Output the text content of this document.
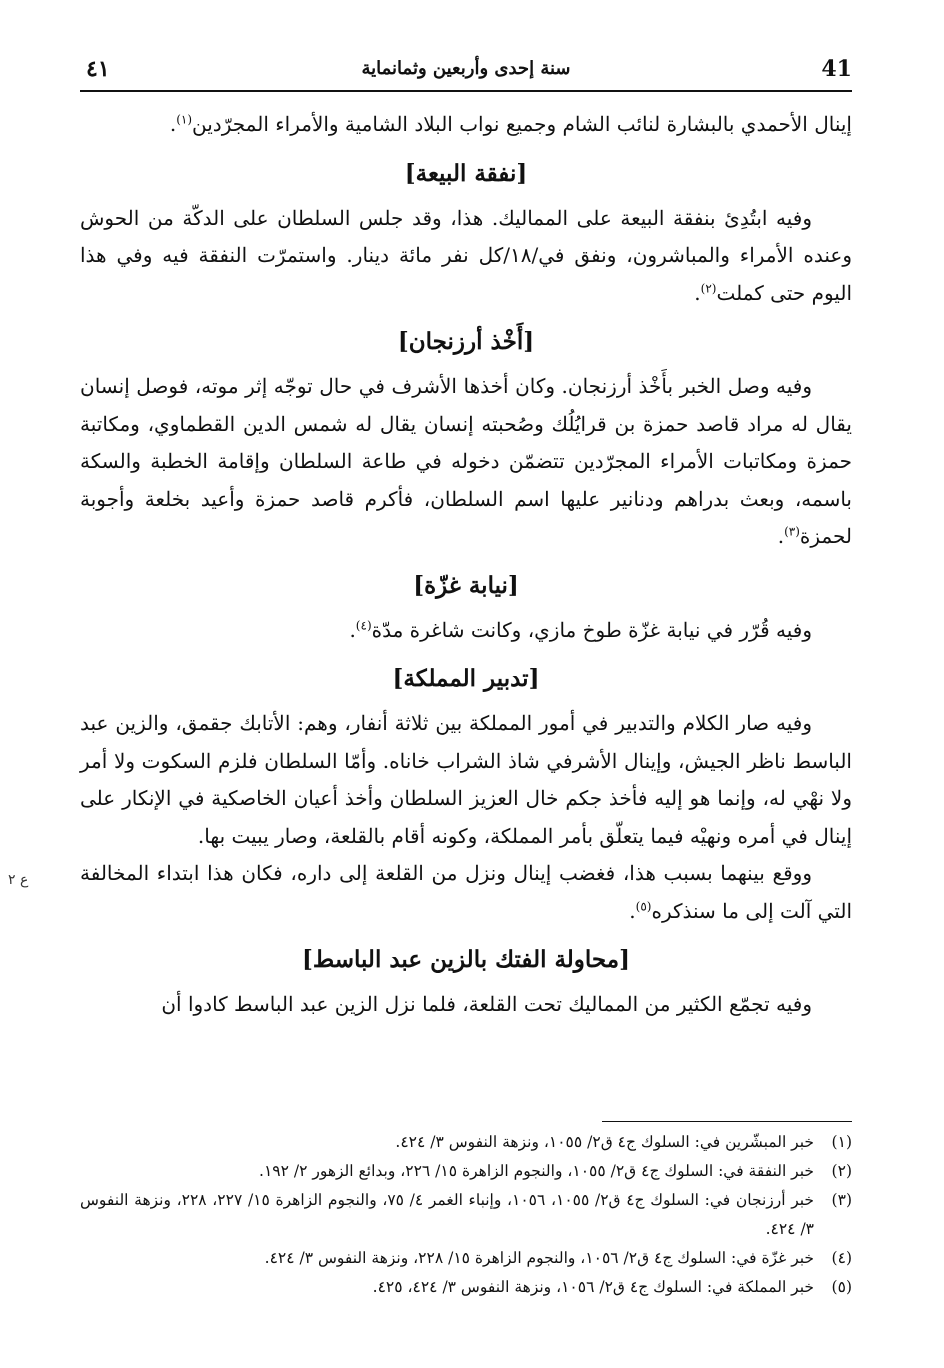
41
سنة إحدى وأربعين وثمانماية
٤١

إينال الأحمدي بالبشارة لنائب الشام وجميع نواب البلاد الشامية والأمراء المجرّدين$^{(١)}$.

[نفقة البيعة]

وفيه ابتُدِئ بنفقة البيعة على المماليك. هذا، وقد جلس السلطان على الدكّة من الحوش وعنده الأمراء والمباشرون، ونفق في/١٨/كل نفر مائة دينار. واستمرّت النفقة فيه وفي هذا اليوم حتى كملت$^{(٢)}$.

[أَخْذ أرزنجان]

وفيه وصل الخبر بأَخْذ أرزنجان. وكان أخذها الأشرف في حال توجّه إثر موته، فوصل إنسان يقال له مراد قاصد حمزة بن قرايُلُك وصُحبته إنسان يقال له شمس الدين القطماوي، ومكاتبة حمزة ومكاتبات الأمراء المجرّدين تتضمّن دخوله في طاعة السلطان وإقامة الخطبة والسكة باسمه، وبعث بدراهم ودنانير عليها اسم السلطان، فأكرم قاصد حمزة وأعيد بخلعة وأجوبة لحمزة$^{(٣)}$.

[نيابة غزّة]

وفيه قُرّر في نيابة غزّة طوخ مازي، وكانت شاغرة مدّة$^{(٤)}$.

[تدبير المملكة]

وفيه صار الكلام والتدبير في أمور المملكة بين ثلاثة أنفار، وهم: الأتابك جقمق، والزين عبد الباسط ناظر الجيش، وإينال الأشرفي شاذ الشراب خاناه. وأمّا السلطان فلزم السكوت ولا أمر ولا نهْي له، وإنما هو إليه فأخذ جكم خال العزيز السلطان وأخذ أعيان الخاصكية في الإنكار على إينال في أمره ونهيْه فيما يتعلّق بأمر المملكة، وكونه أقام بالقلعة، وصار يبيت بها.

ووقع بينهما بسبب هذا، فغضب إينال ونزل من القلعة إلى داره، فكان هذا ابتداء المخالفة التي آلت إلى ما سنذكره$^{(٥)}$.

[محاولة الفتك بالزين عبد الباسط]

وفيه تجمّع الكثير من المماليك تحت القلعة، فلما نزل الزين عبد الباسط كادوا أن

(١)
خبر المبشّرين في: السلوك ج٤ ق٢/ ١٠٥٥، ونزهة النفوس ٣/ ٤٢٤.
(٢)
خبر النفقة في: السلوك ج٤ ق٢/ ١٠٥٥، والنجوم الزاهرة ١٥/ ٢٢٦، وبدائع الزهور ٢/ ١٩٢.
(٣)
خبر أرزنجان في: السلوك ج٤ ق٢/ ١٠٥٥، ١٠٥٦، وإنباء الغمر ٤/ ٧٥، والنجوم الزاهرة ١٥/ ٢٢٧، ٢٢٨، ونزهة النفوس ٣/ ٤٢٤.
(٤)
خبر غزّة في: السلوك ج٤ ق٢/ ١٠٥٦، والنجوم الزاهرة ١٥/ ٢٢٨، ونزهة النفوس ٣/ ٤٢٤.
(٥)
خبر المملكة في: السلوك ج٤ ق٢/ ١٠٥٦، ونزهة النفوس ٣/ ٤٢٤، ٤٢٥.
ع ٢
